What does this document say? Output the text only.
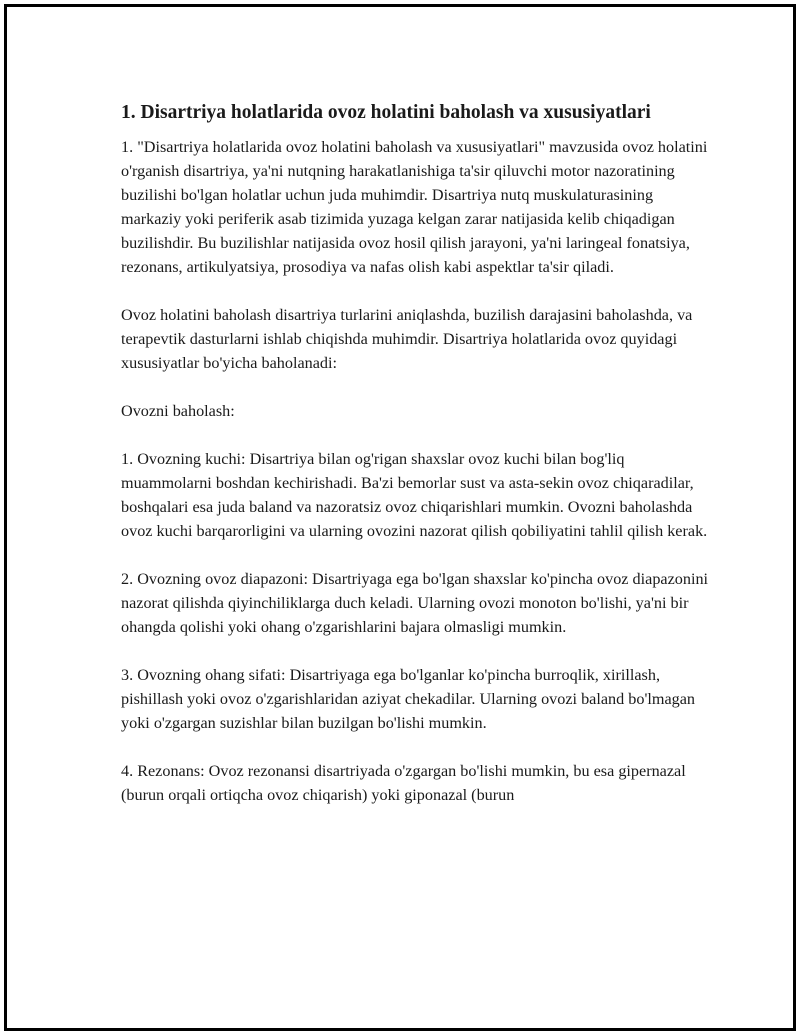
1. Disartriya holatlarida ovoz holatini baholash va xususiyatlari

1. "Disartriya holatlarida ovoz holatini baholash va xususiyatlari" mavzusida ovoz holatini o'rganish disartriya, ya'ni nutqning harakatlanishiga ta'sir qiluvchi motor nazoratining buzilishi bo'lgan holatlar uchun juda muhimdir. Disartriya nutq muskulaturasining markaziy yoki periferik asab tizimida yuzaga kelgan zarar natijasida kelib chiqadigan buzilishdir. Bu buzilishlar natijasida ovoz hosil qilish jarayoni, ya'ni laringeal fonatsiya, rezonans, artikulyatsiya, prosodiya va nafas olish kabi aspektlar ta'sir qiladi.

Ovoz holatini baholash disartriya turlarini aniqlashda, buzilish darajasini baholashda, va terapevtik dasturlarni ishlab chiqishda muhimdir. Disartriya holatlarida ovoz quyidagi xususiyatlar bo'yicha baholanadi:

Ovozni baholash:

1. Ovozning kuchi: Disartriya bilan og'rigan shaxslar ovoz kuchi bilan bog'liq muammolarni boshdan kechirishadi. Ba'zi bemorlar sust va asta-sekin ovoz chiqaradilar, boshqalari esa juda baland va nazoratsiz ovoz chiqarishlari mumkin. Ovozni baholashda ovoz kuchi barqarorligini va ularning ovozini nazorat qilish qobiliyatini tahlil qilish kerak.

2. Ovozning ovoz diapazoni: Disartriyaga ega bo'lgan shaxslar ko'pincha ovoz diapazonini nazorat qilishda qiyinchiliklarga duch keladi. Ularning ovozi monoton bo'lishi, ya'ni bir ohangda qolishi yoki ohang o'zgarishlarini bajara olmasligi mumkin.

3. Ovozning ohang sifati: Disartriyaga ega bo'lganlar ko'pincha burroqlik, xirillash, pishillash yoki ovoz o'zgarishlaridan aziyat chekadilar. Ularning ovozi baland bo'lmagan yoki o'zgargan suzishlar bilan buzilgan bo'lishi mumkin.

4. Rezonans: Ovoz rezonansi disartriyada o'zgargan bo'lishi mumkin, bu esa gipernazal (burun orqali ortiqcha ovoz chiqarish) yoki giponazal (burun
